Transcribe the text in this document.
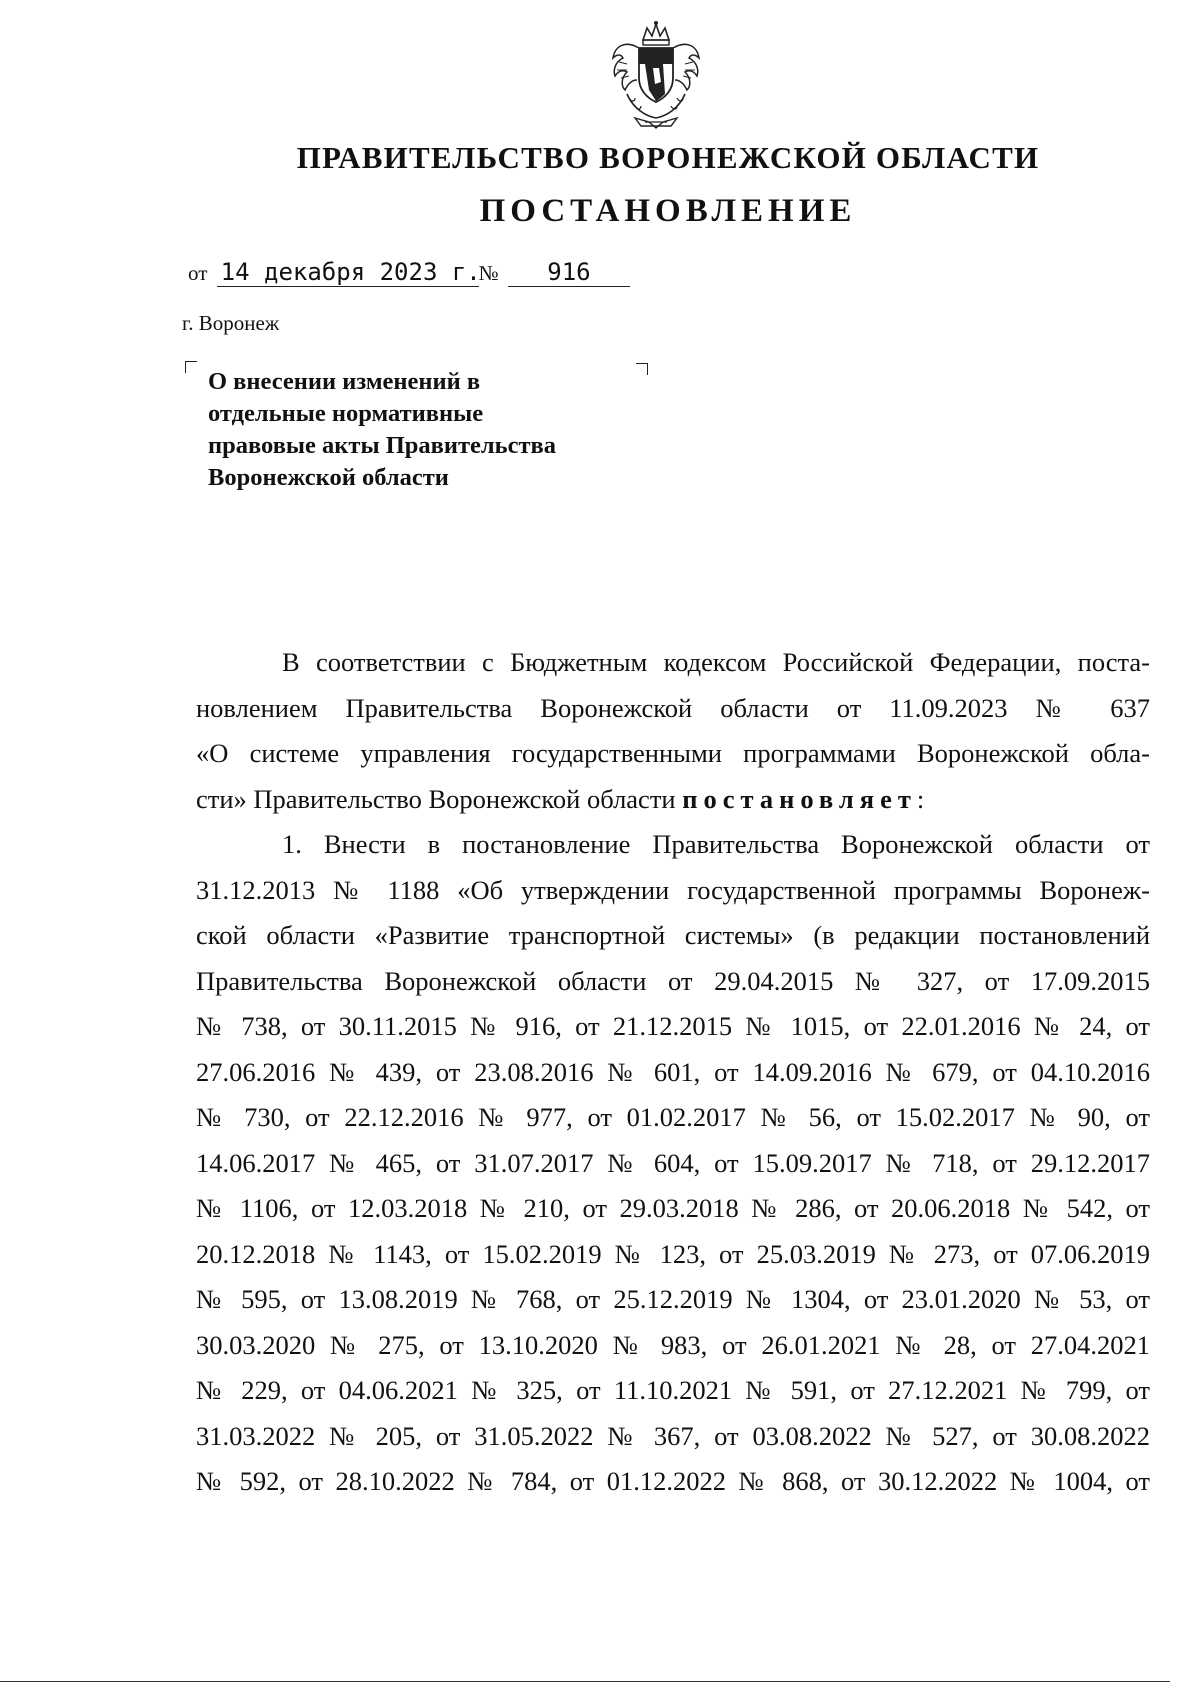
ПРАВИТЕЛЬСТВО ВОРОНЕЖСКОЙ ОБЛАСТИ
ПОСТАНОВЛЕНИЕ
от 14 декабря 2023 г.№ 916
г. Воронеж
О внесении изменений в
отдельные нормативные
правовые акты Правительства
Воронежской области
В соответствии с Бюджетным кодексом Российской Федерации, поста-
новлением Правительства Воронежской области от 11.09.2023 № 637
«О системе управления государственными программами Воронежской обла-
сти» Правительство Воронежской области постановляет:
1. Внести в постановление Правительства Воронежской области от
31.12.2013 № 1188 «Об утверждении государственной программы Воронеж-
ской области «Развитие транспортной системы» (в редакции постановлений
Правительства Воронежской области от 29.04.2015 № 327, от 17.09.2015
№ 738, от 30.11.2015 № 916, от 21.12.2015 № 1015, от 22.01.2016 № 24, от
27.06.2016 № 439, от 23.08.2016 № 601, от 14.09.2016 № 679, от 04.10.2016
№ 730, от 22.12.2016 № 977, от 01.02.2017 № 56, от 15.02.2017 № 90, от
14.06.2017 № 465, от 31.07.2017 № 604, от 15.09.2017 № 718, от 29.12.2017
№ 1106, от 12.03.2018 № 210, от 29.03.2018 № 286, от 20.06.2018 № 542, от
20.12.2018 № 1143, от 15.02.2019 № 123, от 25.03.2019 № 273, от 07.06.2019
№ 595, от 13.08.2019 № 768, от 25.12.2019 № 1304, от 23.01.2020 № 53, от
30.03.2020 № 275, от 13.10.2020 № 983, от 26.01.2021 № 28, от 27.04.2021
№ 229, от 04.06.2021 № 325, от 11.10.2021 № 591, от 27.12.2021 № 799, от
31.03.2022 № 205, от 31.05.2022 № 367, от 03.08.2022 № 527, от 30.08.2022
№ 592, от 28.10.2022 № 784, от 01.12.2022 № 868, от 30.12.2022 № 1004, от
